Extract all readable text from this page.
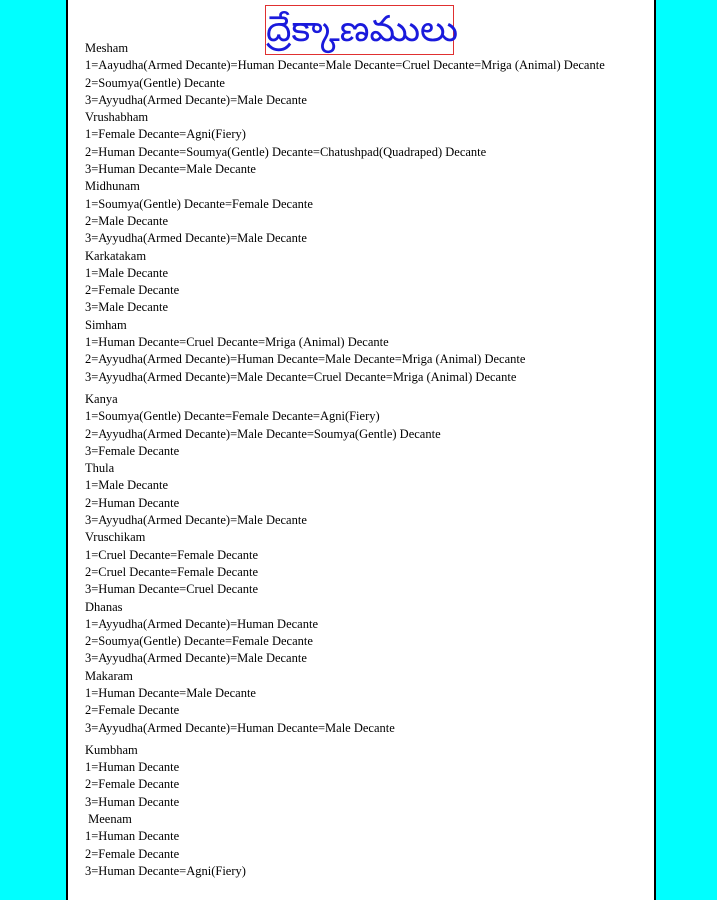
ద్రేక్కాణములు
Mesham
1=Aayudha(Armed Decante)=Human Decante=Male Decante=Cruel Decante=Mriga (Animal) Decante
2=Soumya(Gentle) Decante
3=Ayyudha(Armed Decante)=Male Decante
Vrushabham
1=Female Decante=Agni(Fiery)
2=Human Decante=Soumya(Gentle) Decante=Chatushpad(Quadraped) Decante
3=Human Decante=Male Decante
Midhunam
1=Soumya(Gentle) Decante=Female Decante
2=Male Decante
3=Ayyudha(Armed Decante)=Male Decante
Karkatakam
1=Male Decante
2=Female Decante
3=Male Decante
Simham
1=Human Decante=Cruel Decante=Mriga (Animal) Decante
2=Ayyudha(Armed Decante)=Human Decante=Male Decante=Mriga (Animal) Decante
3=Ayyudha(Armed Decante)=Male Decante=Cruel Decante=Mriga (Animal) Decante
Kanya
1=Soumya(Gentle) Decante=Female Decante=Agni(Fiery)
2=Ayyudha(Armed Decante)=Male Decante=Soumya(Gentle) Decante
3=Female Decante
Thula
1=Male Decante
2=Human Decante
3=Ayyudha(Armed Decante)=Male Decante
Vruschikam
1=Cruel Decante=Female Decante
2=Cruel Decante=Female Decante
3=Human Decante=Cruel Decante
Dhanas
1=Ayyudha(Armed Decante)=Human Decante
2=Soumya(Gentle) Decante=Female Decante
3=Ayyudha(Armed Decante)=Male Decante
Makaram
1=Human Decante=Male Decante
2=Female Decante
3=Ayyudha(Armed Decante)=Human Decante=Male Decante
Kumbham
1=Human Decante
2=Female Decante
3=Human Decante
Meenam
1=Human Decante
2=Female Decante
3=Human Decante=Agni(Fiery)
